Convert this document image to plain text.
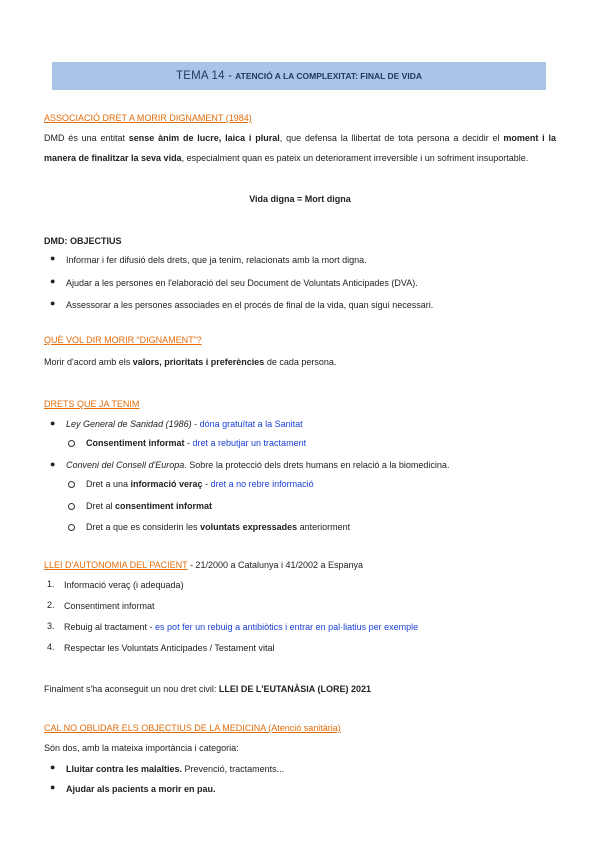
TEMA 14 - ATENCIÓ A LA COMPLEXITAT: FINAL DE VIDA
ASSOCIACIÓ DRET A MORIR DIGNAMENT (1984)
DMD és una entitat sense ànim de lucre, laica i plural, que defensa la llibertat de tota persona a decidir el moment i la manera de finalitzar la seva vida, especialment quan es pateix un deteriorament irreversible i un sofriment insuportable.
Vida digna = Mort digna
DMD: OBJECTIUS
● Informar i fer difusió dels drets, que ja tenim, relacionats amb la mort digna.
● Ajudar a les persones en l'elaboració del seu Document de Voluntats Anticipades (DVA).
● Assessorar a les persones associades en el procés de final de la vida, quan sigui necessari.
QUÈ VOL DIR MORIR “DIGNAMENT”?
Morir d'acord amb els valors, prioritats i preferències de cada persona.
DRETS QUE JA TENIM
● Ley General de Sanidad (1986) - dóna gratuïtat a la Sanitat
Consentiment informat - dret a rebutjar un tractament
● Conveni del Consell d'Europa. Sobre la protecció dels drets humans en relació a la biomedicina.
Dret a una informació veraç - dret a no rebre informació
Dret al consentiment informat
Dret a que es considerin les voluntats expressades anteriorment
LLEI D'AUTONOMIA DEL PACIENT - 21/2000 a Catalunya i 41/2002 a Espanya
1. Informació veraç (i adequada)
2. Consentiment informat
3. Rebuig al tractament - es pot fer un rebuig a antibiòtics i entrar en pal·liatius per exemple
4. Respectar les Voluntats Anticipades / Testament vital
Finalment s'ha aconseguit un nou dret civil: LLEI DE L'EUTANÀSIA (LORE) 2021
CAL NO OBLIDAR ELS OBJECTIUS DE LA MEDICINA (Atenció sanitària)
Són dos, amb la mateixa importància i categoria:
● Lluitar contra les malalties. Prevenció, tractaments...
● Ajudar als pacients a morir en pau.
